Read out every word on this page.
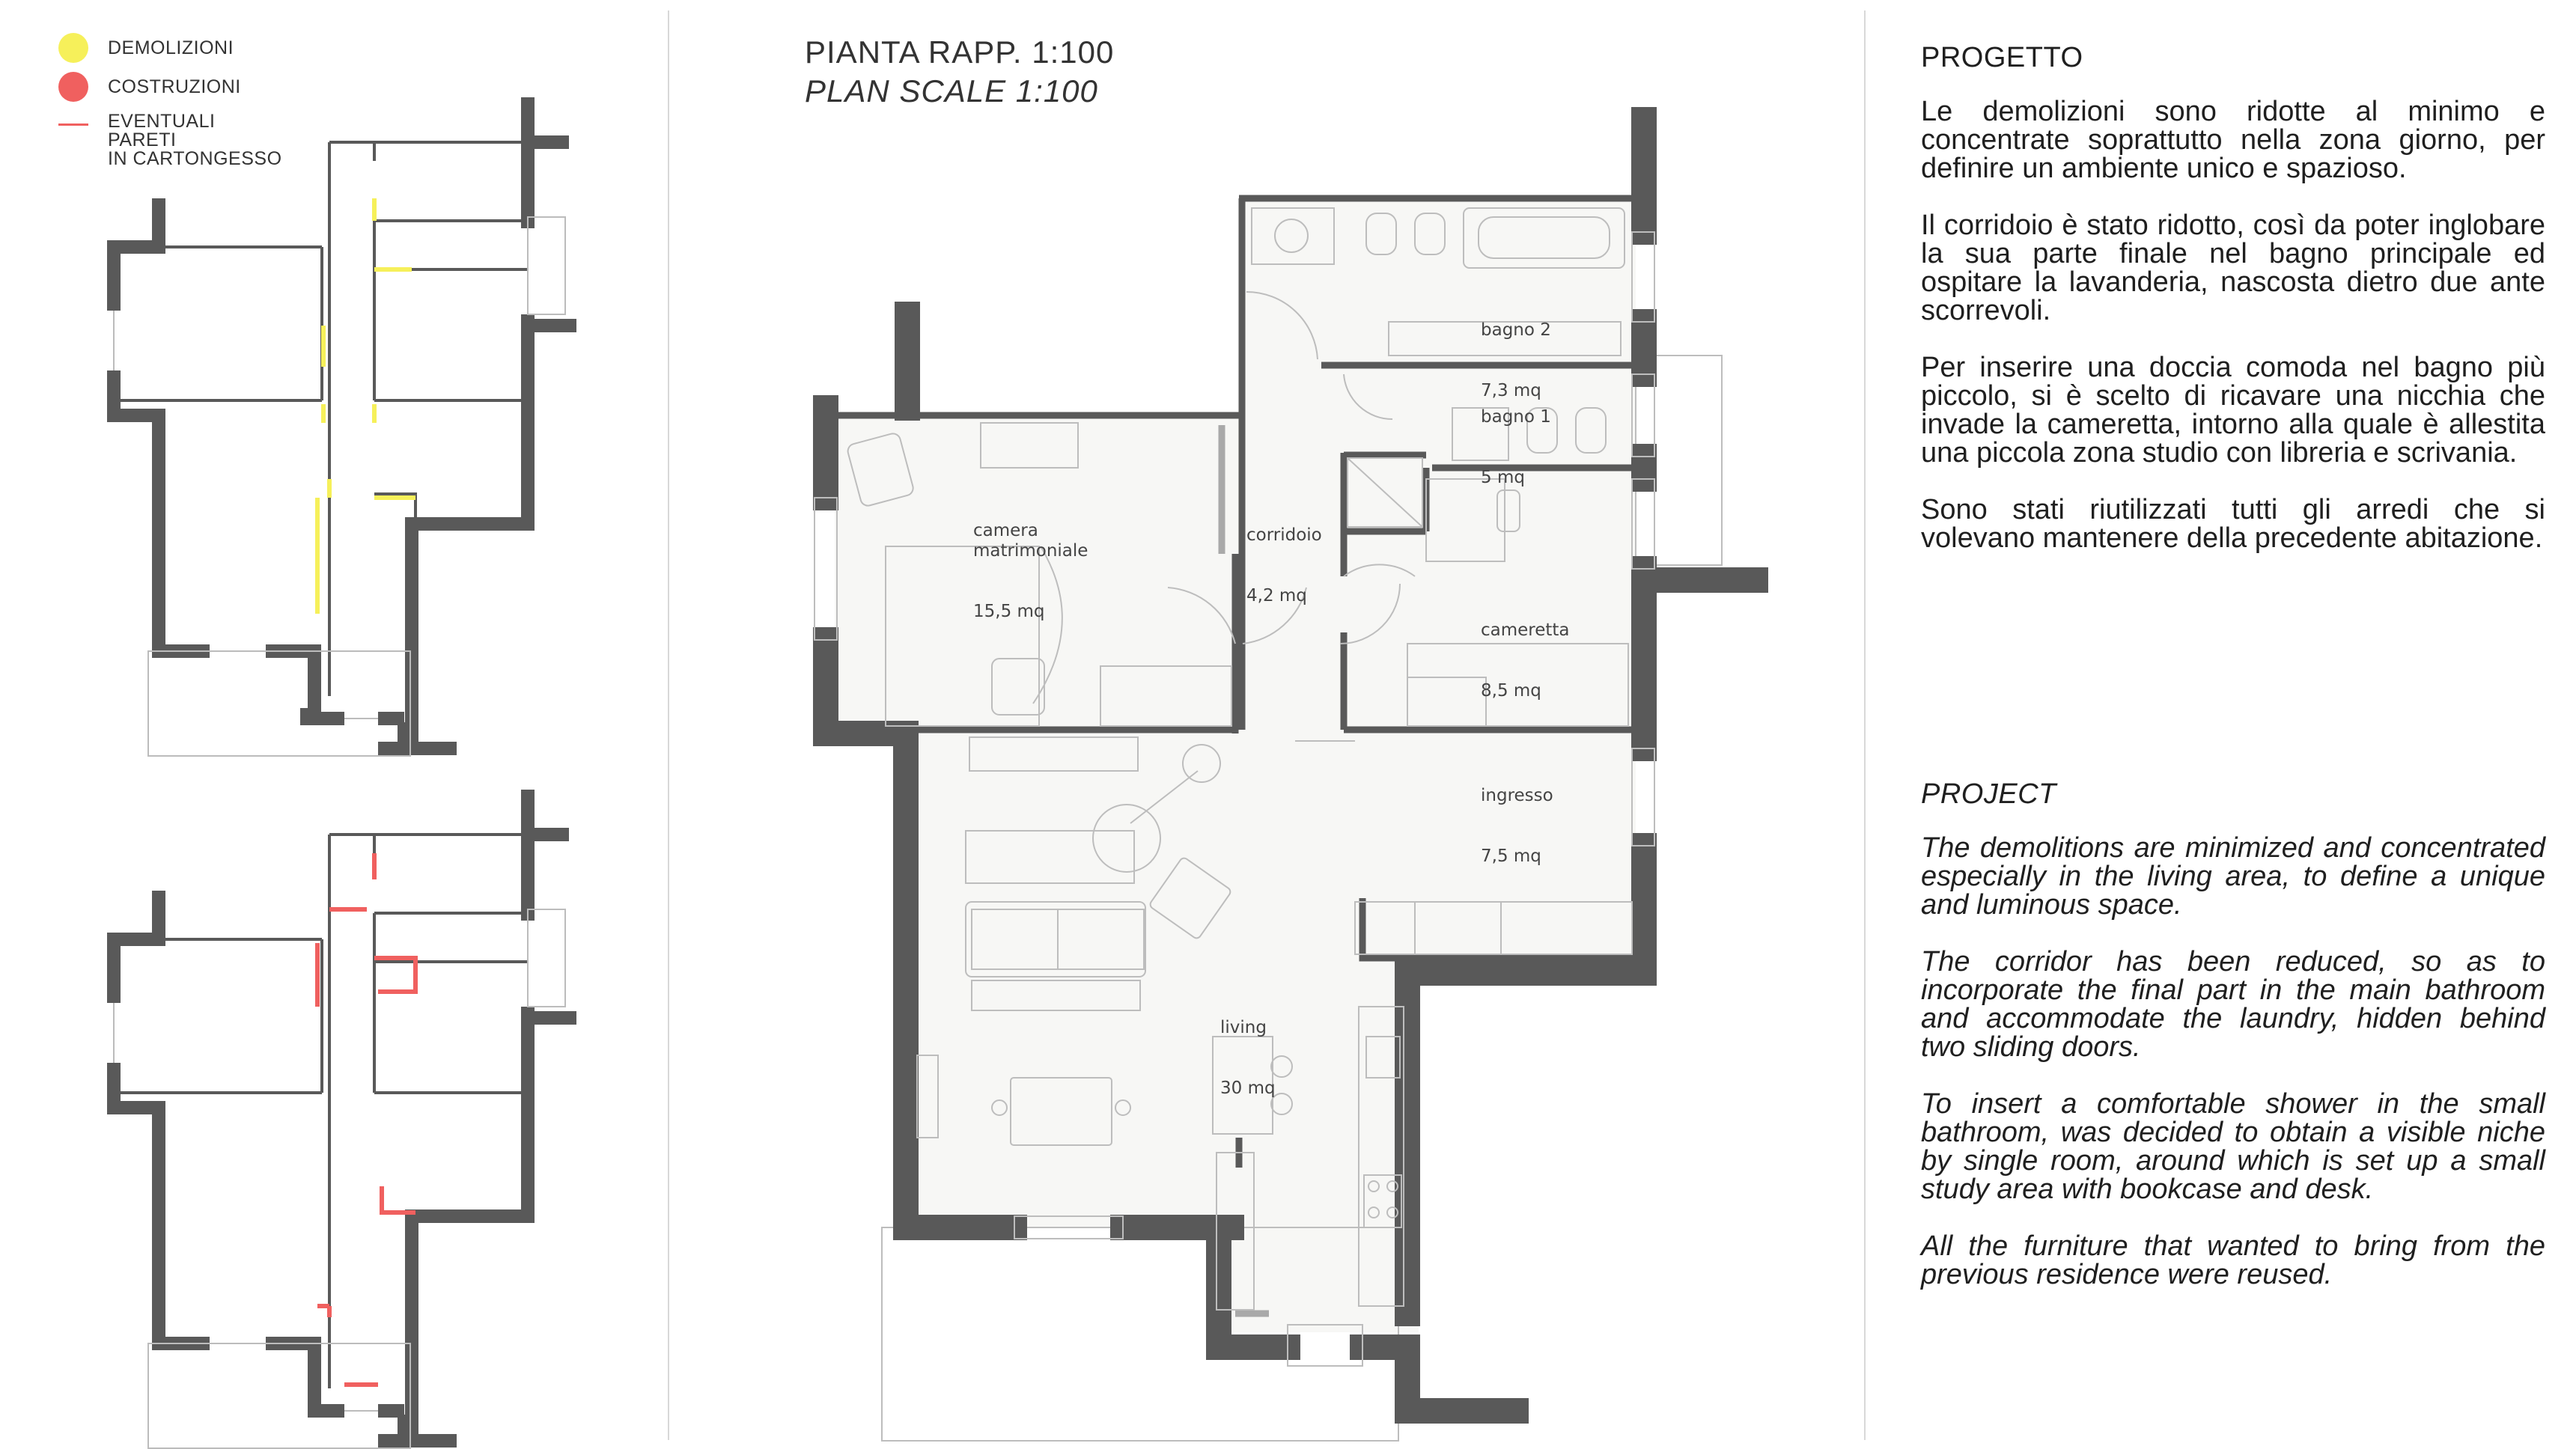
DEMOLIZIONI
COSTRUZIONI
EVENTUALI
PARETI
IN CARTONGESSO
PIANTA RAPP. 1:100
PLAN SCALE 1:100

bagno 2

7,3 mq

bagno 1

5 mq

camera
matrimoniale

15,5 mq

corridoio

4,2 mq

cameretta

8,5 mq

ingresso

7,5 mq

living

30 mq

PROGETTO

Le demolizioni sono ridotte al minimo e concentrate soprattutto nella zona giorno, per definire un ambiente unico e spazioso.

Il corridoio è stato ridotto, così da poter inglobare la sua parte finale nel bagno principale ed ospitare la lavanderia, nascosta dietro due ante scorrevoli.

Per inserire una doccia comoda nel bagno più piccolo, si è scelto di ricavare una nicchia che invade la cameretta, intorno alla quale è allestita una piccola zona studio con libreria e scrivania.

Sono stati riutilizzati tutti gli arredi che si volevano mantenere della precedente abitazione.

PROJECT

The demolitions are minimized and concentrated especially in the living area, to define a unique and luminous space.

The corridor has been reduced, so as to incorporate the final part in the main bathroom and accommodate the laundry, hidden behind two sliding doors.

To insert a comfortable shower in the small bathroom, was decided to obtain a visible niche by single room, around which is set up a small study area with bookcase and desk.

All the furniture that wanted to bring from the previous residence were reused.
